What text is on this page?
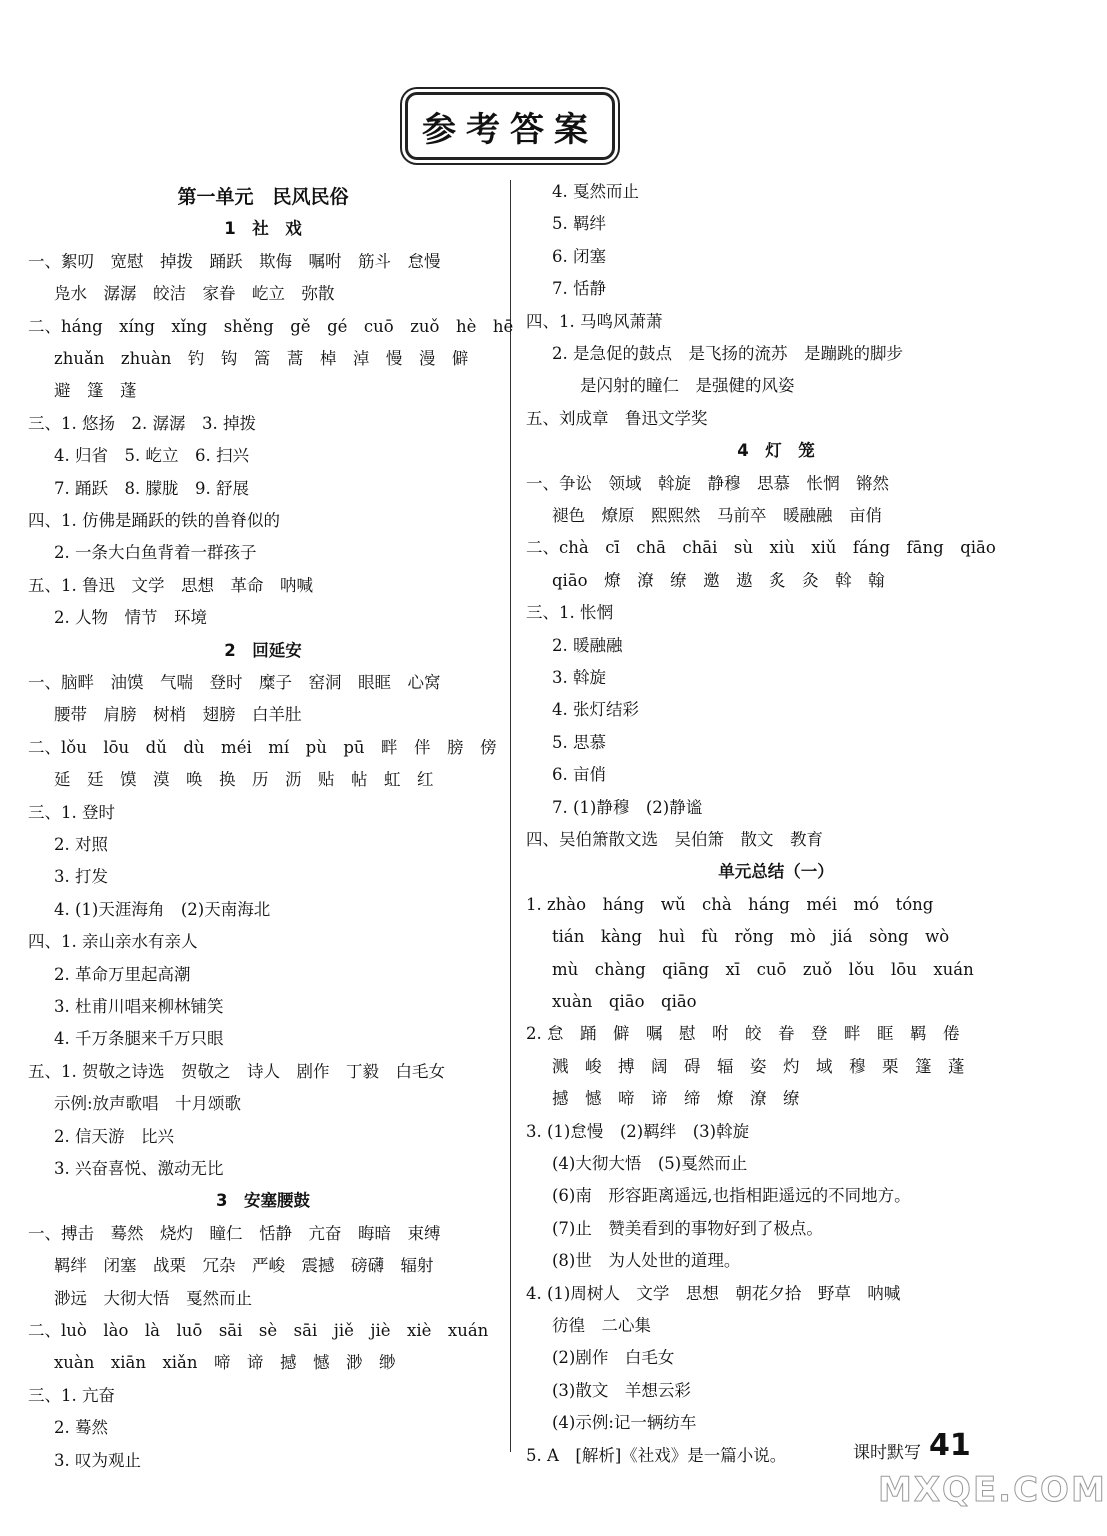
参考答案
第一单元　民风民俗
1　社　戏
一、絮叨　宽慰　掉拨　踊跃　欺侮　嘱咐　筋斗　怠慢
凫水　潺潺　皎洁　家眷　屹立　弥散
二、háng　xíng　xǐng　shěng　gě　gé　cuō　zuǒ　hè　hē
zhuǎn　zhuàn　钓　钩　篙　蒿　棹　淖　慢　漫　僻
避　篷　蓬
三、1. 悠扬　2. 潺潺　3. 掉拨
4. 归省　5. 屹立　6. 扫兴
7. 踊跃　8. 朦胧　9. 舒展
四、1. 仿佛是踊跃的铁的兽脊似的
2. 一条大白鱼背着一群孩子
五、1. 鲁迅　文学　思想　革命　呐喊
2. 人物　情节　环境
2　回延安
一、脑畔　油馍　气喘　登时　糜子　窑洞　眼眶　心窝
腰带　肩膀　树梢　翅膀　白羊肚
二、lǒu　lōu　dǔ　dù　méi　mí　pù　pū　畔　伴　膀　傍
延　廷　馍　漠　唤　换　历　沥　贴　帖　虹　红
三、1. 登时
2. 对照
3. 打发
4. (1)天涯海角　(2)天南海北
四、1. 亲山亲水有亲人
2. 革命万里起高潮
3. 杜甫川唱来柳林铺笑
4. 千万条腿来千万只眼
五、1. 贺敬之诗选　贺敬之　诗人　剧作　丁毅　白毛女
示例:放声歌唱　十月颂歌
2. 信天游　比兴
3. 兴奋喜悦、激动无比
3　安塞腰鼓
一、搏击　蓦然　烧灼　瞳仁　恬静　亢奋　晦暗　束缚
羁绊　闭塞　战栗　冗杂　严峻　震撼　磅礴　辐射
渺远　大彻大悟　戛然而止
二、luò　lào　là　luō　sāi　sè　sāi　jiě　jiè　xiè　xuán
xuàn　xiān　xiǎn　啼　谛　撼　憾　渺　缈
三、1. 亢奋
2. 蓦然
3. 叹为观止
4. 戛然而止
5. 羁绊
6. 闭塞
7. 恬静
四、1. 马鸣风萧萧
2. 是急促的鼓点　是飞扬的流苏　是蹦跳的脚步
是闪射的瞳仁　是强健的风姿
五、刘成章　鲁迅文学奖
4　灯　笼
一、争讼　领域　斡旋　静穆　思慕　怅惘　锵然
褪色　燎原　熙熙然　马前卒　暖融融　亩俏
二、chà　cī　chā　chāi　sù　xiù　xiǔ　fáng　fāng　qiāo
qiāo　燎　潦　缭　邀　遨　炙　灸　斡　翰
三、1. 怅惘
2. 暖融融
3. 斡旋
4. 张灯结彩
5. 思慕
6. 亩俏
7. (1)静穆　(2)静谧
四、吴伯箫散文选　吴伯箫　散文　教育
单元总结（一）
1. zhào　háng　wǔ　chà　háng　méi　mó　tóng
tián　kàng　huì　fù　rǒng　mò　jiá　sòng　wò
mù　chàng　qiāng　xī　cuō　zuǒ　lǒu　lōu　xuán
xuàn　qiāo　qiāo
2. 怠　踊　僻　嘱　慰　咐　皎　眷　登　畔　眶　羁　倦
溅　峻　搏　阔　碍　辐　姿　灼　域　穆　栗　篷　蓬
撼　憾　啼　谛　缔　燎　潦　缭
3. (1)怠慢　(2)羁绊　(3)斡旋
(4)大彻大悟　(5)戛然而止
(6)南　形容距离遥远,也指相距遥远的不同地方。
(7)止　赞美看到的事物好到了极点。
(8)世　为人处世的道理。
4. (1)周树人　文学　思想　朝花夕拾　野草　呐喊
彷徨　二心集
(2)剧作　白毛女
(3)散文　羊想云彩
(4)示例:记一辆纺车
5. A　[解析]《社戏》是一篇小说。	课时默写 41
MXQE.COM
